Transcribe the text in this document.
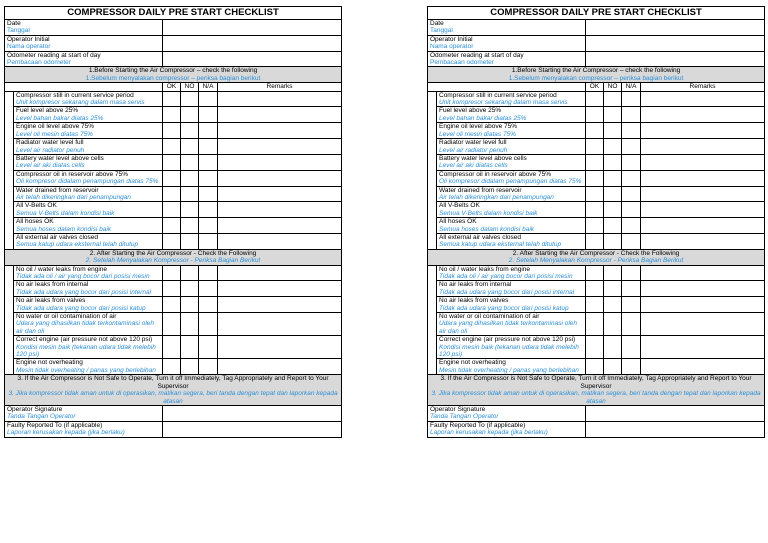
COMPRESSOR DAILY PRE START CHECKLIST					

Date
Tanggal					

Operator Initial
Nama operator					

Odometer reading at start of day
Pembacaan odometer					

1.Before Starting the Air Compressor – check the following
1.Sebelum menyalakan compressor – periksa bagian berikut					

		OK	NO	N/A	Remarks

	Compressor still in current service period
Unit kompresor sekarang dalam masa servis				

	Fuel level above 25%
Level bahan bakar diatas 25%				

	Engine oil level above 75%
Level oli mesin diatas 75%				

	Radiator water level full
Level air radiator penuh				

	Battery water level above cells
Level air aki diatas cells				

	Compressor oil in reservoir above 75%
Oli kompresor didalam penampungan diatas 75%				

	Water drained from reservoir
Air telah dikeringkan dari penampungan				

	All V-Belts OK
Semua V-Belts dalam kondisi baik				

	All hoses OK
Semua hoses dalam kondisi baik				

	All external air valves closed
Semua katup udara eksternal telah ditutup				

2. After Starting the Air Compressor - Check the Following
2. Setelah Menyalakan Kompressor - Periksa Bagian Berikut					

	No oil / water leaks from engine
Tidak ada oli / air yang bocor dari posisi mesin				

	No air leaks from internal
Tidak ada udara yang bocor dari posisi internal				

	No air leaks from valves
Tidak ada udara yang bocor dari posisi katup				

	No water or oil contamination of air
Udara yang dihasilkan tidak terkontaminasi oleh air dan oli				

	Correct engine (air pressure not above 120 psi)
Kondisi mesin baik (tekanan udara tidak melebih 120 psi)				

	Engine not overheating
Mesin tidak overheating / panas yang berlebihan				

3. If the Air Compressor is Not Safe to Operate, Turn it off Immediately, Tag Appropriately and Report to Your Supervisor
3. Jika kompressor tidak aman untuk di operasikan, matikan segera, beri tanda dengan tepat dan laporkan kepada atasan					

Operator Signature
Tanda Tangan Operator					

Faulty Reported To (if applicable)
Laporan kerusakan kepada (jika berlaku)					

COMPRESSOR DAILY PRE START CHECKLIST					

Date
Tanggal					

Operator Initial
Nama operator					

Odometer reading at start of day
Pembacaan odometer					

1.Before Starting the Air Compressor – check the following
1.Sebelum menyalakan compressor – periksa bagian berikut					

		OK	NO	N/A	Remarks

	Compressor still in current service period
Unit kompresor sekarang dalam masa servis				

	Fuel level above 25%
Level bahan bakar diatas 25%				

	Engine oil level above 75%
Level oli mesin diatas 75%				

	Radiator water level full
Level air radiator penuh				

	Battery water level above cells
Level air aki diatas cells				

	Compressor oil in reservoir above 75%
Oli kompresor didalam penampungan diatas 75%				

	Water drained from reservoir
Air telah dikeringkan dari penampungan				

	All V-Belts OK
Semua V-Belts dalam kondisi baik				

	All hoses OK
Semua hoses dalam kondisi baik				

	All external air valves closed
Semua katup udara eksternal telah ditutup				

2. After Starting the Air Compressor - Check the Following
2. Setelah Menyalakan Kompressor - Periksa Bagian Berikut					

	No oil / water leaks from engine
Tidak ada oli / air yang bocor dari posisi mesin				

	No air leaks from internal
Tidak ada udara yang bocor dari posisi internal				

	No air leaks from valves
Tidak ada udara yang bocor dari posisi katup				

	No water or oil contamination of air
Udara yang dihasilkan tidak terkontaminasi oleh air dan oli				

	Correct engine (air pressure not above 120 psi)
Kondisi mesin baik (tekanan udara tidak melebih 120 psi)				

	Engine not overheating
Mesin tidak overheating / panas yang berlebihan				

3. If the Air Compressor is Not Safe to Operate, Turn it off Immediately, Tag Appropriately and Report to Your Supervisor
3. Jika kompressor tidak aman untuk di operasikan, matikan segera, beri tanda dengan tepat dan laporkan kepada atasan					

Operator Signature
Tanda Tangan Operator					

Faulty Reported To (if applicable)
Laporan kerusakan kepada (jika berlaku)					
